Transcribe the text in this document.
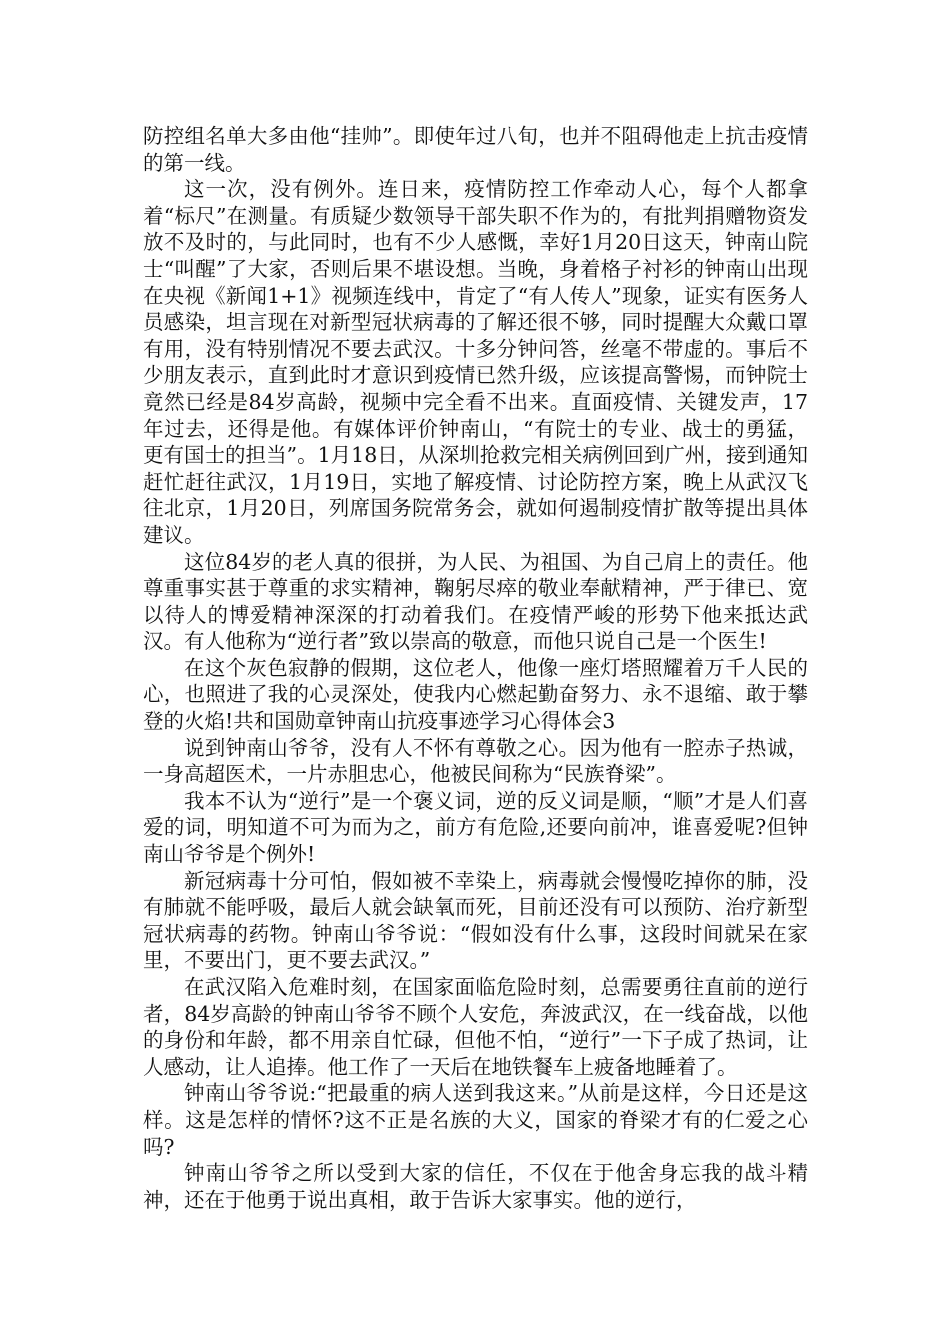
防控组名单大多由他“挂帅”。即使年过八旬，也并不阻碍他走上抗击疫情的第一线。

这一次，没有例外。连日来，疫情防控工作牵动人心，每个人都拿着“标尺”在测量。有质疑少数领导干部失职不作为的，有批判捐赠物资发放不及时的，与此同时，也有不少人感慨，幸好1月20日这天，钟南山院士“叫醒”了大家，否则后果不堪设想。当晚，身着格子衬衫的钟南山出现在央视《新闻1+1》视频连线中，肯定了“有人传人”现象，证实有医务人员感染，坦言现在对新型冠状病毒的了解还很不够，同时提醒大众戴口罩有用，没有特别情况不要去武汉。十多分钟问答，丝毫不带虚的。事后不少朋友表示，直到此时才意识到疫情已然升级，应该提高警惕，而钟院士竟然已经是84岁高龄，视频中完全看不出来。直面疫情、关键发声，17年过去，还得是他。有媒体评价钟南山，“有院士的专业、战士的勇猛，更有国士的担当”。1月18日，从深圳抢救完相关病例回到广州，接到通知赶忙赶往武汉，1月19日，实地了解疫情、讨论防控方案，晚上从武汉飞往北京，1月20日，列席国务院常务会，就如何遏制疫情扩散等提出具体建议。

这位84岁的老人真的很拼，为人民、为祖国、为自己肩上的责任。他尊重事实甚于尊重的求实精神，鞠躬尽瘁的敬业奉献精神，严于律已、宽以待人的博爱精神深深的打动着我们。在疫情严峻的形势下他来抵达武汉。有人他称为“逆行者”致以崇高的敬意，而他只说自己是一个医生!

在这个灰色寂静的假期，这位老人，他像一座灯塔照耀着万千人民的心，也照进了我的心灵深处，使我内心燃起勤奋努力、永不退缩、敢于攀登的火焰!共和国勋章钟南山抗疫事迹学习心得体会3

说到钟南山爷爷，没有人不怀有尊敬之心。因为他有一腔赤子热诚，一身高超医术，一片赤胆忠心，他被民间称为“民族脊梁”。

我本不认为“逆行”是一个褒义词，逆的反义词是顺，“顺”才是人们喜爱的词，明知道不可为而为之，前方有危险,还要向前冲，谁喜爱呢?但钟南山爷爷是个例外!

新冠病毒十分可怕，假如被不幸染上，病毒就会慢慢吃掉你的肺，没有肺就不能呼吸，最后人就会缺氧而死，目前还没有可以预防、治疗新型冠状病毒的药物。钟南山爷爷说：“假如没有什么事，这段时间就呆在家里，不要出门，更不要去武汉。”

在武汉陷入危难时刻，在国家面临危险时刻，总需要勇往直前的逆行者，84岁高龄的钟南山爷爷不顾个人安危，奔波武汉，在一线奋战，以他的身份和年龄，都不用亲自忙碌，但他不怕，“逆行”一下子成了热词，让人感动，让人追捧。他工作了一天后在地铁餐车上疲备地睡着了。

钟南山爷爷说:“把最重的病人送到我这来。”从前是这样，今日还是这样。这是怎样的情怀?这不正是名族的大义，国家的脊梁才有的仁爱之心吗?

钟南山爷爷之所以受到大家的信任，不仅在于他舍身忘我的战斗精神，还在于他勇于说出真相，敢于告诉大家事实。他的逆行，
